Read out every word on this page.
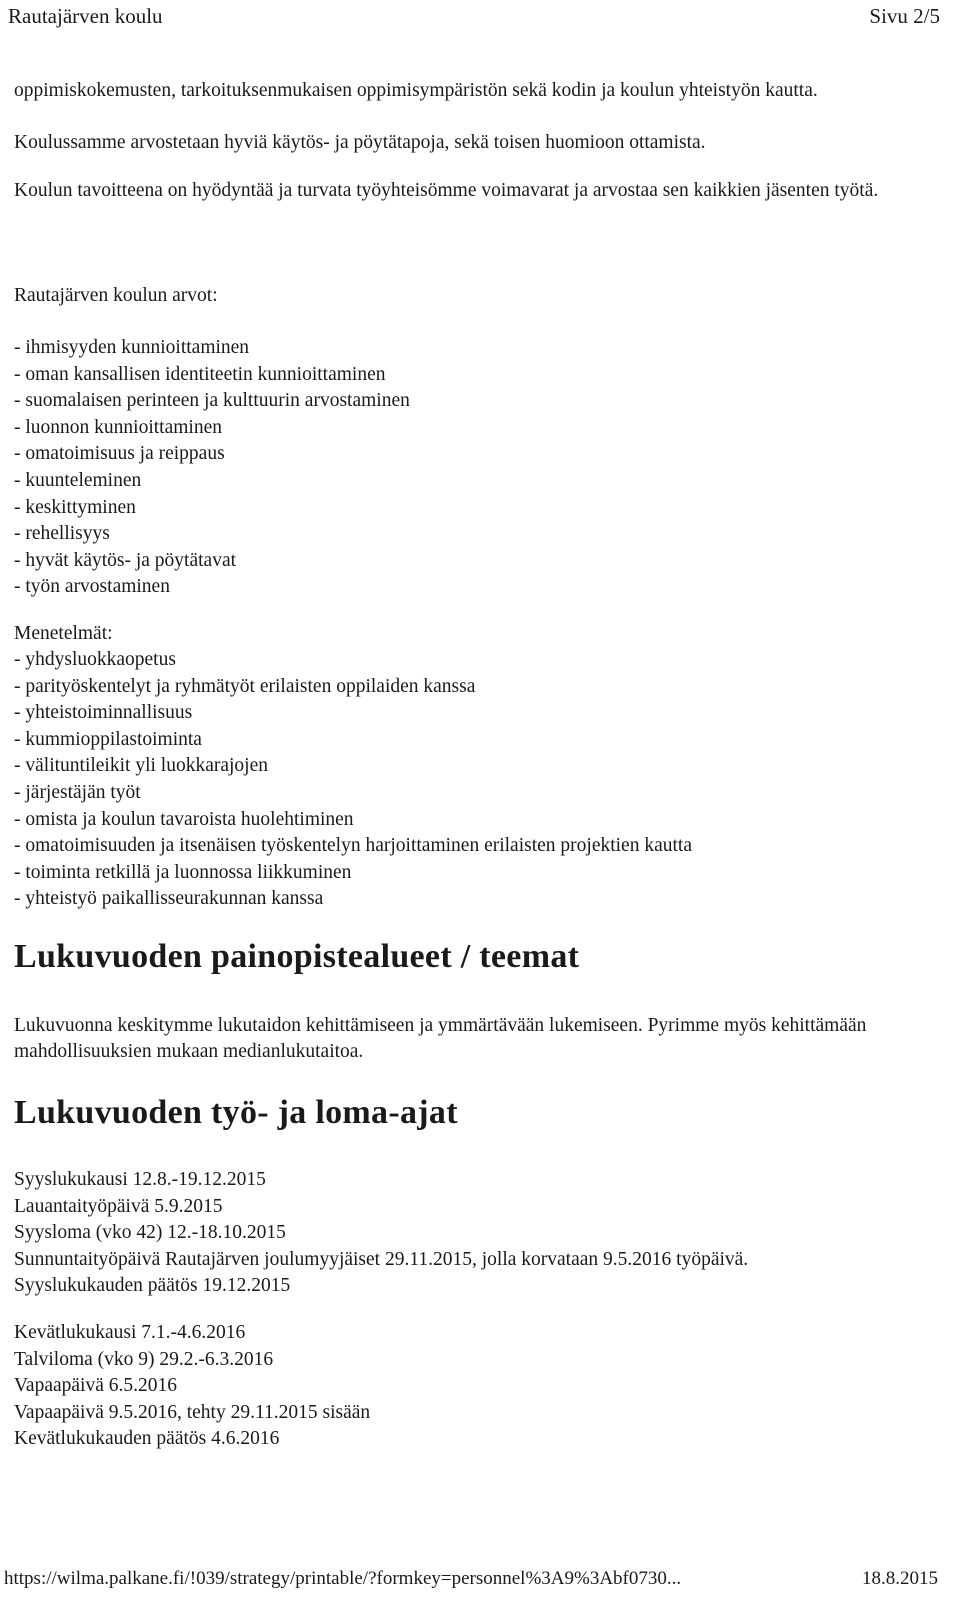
Rautajärven koulu	Sivu 2/5

oppimiskokemusten, tarkoituksenmukaisen oppimisympäristön sekä kodin ja koulun yhteistyön kautta.

Koulussamme arvostetaan hyviä käytös- ja pöytätapoja, sekä toisen huomioon ottamista.

Koulun tavoitteena on hyödyntää ja turvata työyhteisömme voimavarat ja arvostaa sen kaikkien jäsenten työtä.

Rautajärven koulun arvot:
- ihmisyyden kunnioittaminen
- oman kansallisen identiteetin kunnioittaminen
- suomalaisen perinteen ja kulttuurin arvostaminen
- luonnon kunnioittaminen
- omatoimisuus ja reippaus
- kuunteleminen
- keskittyminen
- rehellisyys
- hyvät käytös- ja pöytätavat
- työn arvostaminen
Menetelmät:
- yhdysluokkaopetus
- parityöskentelyt ja ryhmätyöt erilaisten oppilaiden kanssa
- yhteistoiminnallisuus
- kummioppilastoiminta
- välituntileikit yli luokkarajojen
- järjestäjän työt
- omista ja koulun tavaroista huolehtiminen
- omatoimisuuden ja itsenäisen työskentelyn harjoittaminen erilaisten projektien kautta
- toiminta retkillä ja luonnossa liikkuminen
- yhteistyö paikallisseurakunnan kanssa
Lukuvuoden painopistealueet / teemat
Lukuvuonna keskitymme lukutaidon kehittämiseen ja ymmärtävään lukemiseen. Pyrimme myös kehittämään mahdollisuuksien mukaan medianlukutaitoa.
Lukuvuoden työ- ja loma-ajat
Syyslukukausi 12.8.-19.12.2015
Lauantaityöpäivä 5.9.2015
Syysloma (vko 42) 12.-18.10.2015
Sunnuntaityöpäivä Rautajärven joulumyyjäiset 29.11.2015, jolla korvataan 9.5.2016 työpäivä.
Syyslukukauden päätös 19.12.2015
Kevätlukukausi 7.1.-4.6.2016
Talviloma (vko 9) 29.2.-6.3.2016
Vapaapäivä 6.5.2016
Vapaapäivä 9.5.2016, tehty 29.11.2015 sisään
Kevätlukukauden päätös 4.6.2016
https://wilma.palkane.fi/!039/strategy/printable/?formkey=personnel%3A9%3Abf0730...	18.8.2015
